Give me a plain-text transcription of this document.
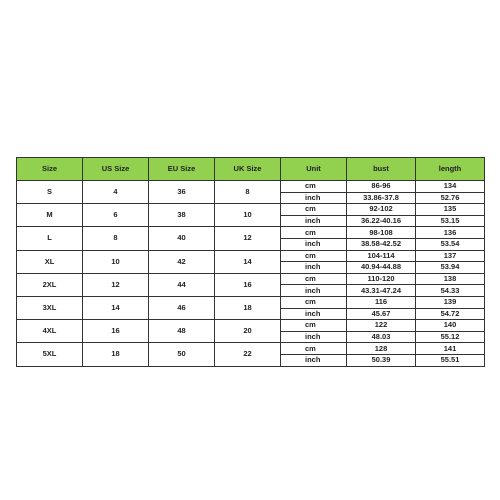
Size	US Size	EU Size	UK Size	Unit	bust	length
S	4	36	8	cm	86-96	134
				inch	33.86-37.8	52.76
M	6	38	10	cm	92-102	135
				inch	36.22-40.16	53.15
L	8	40	12	cm	98-108	136
				inch	38.58-42.52	53.54
XL	10	42	14	cm	104-114	137
				inch	40.94-44.88	53.94
2XL	12	44	16	cm	110-120	138
				inch	43.31-47.24	54.33
3XL	14	46	18	cm	116	139
				inch	45.67	54.72
4XL	16	48	20	cm	122	140
				inch	48.03	55.12
5XL	18	50	22	cm	128	141
				inch	50.39	55.51
